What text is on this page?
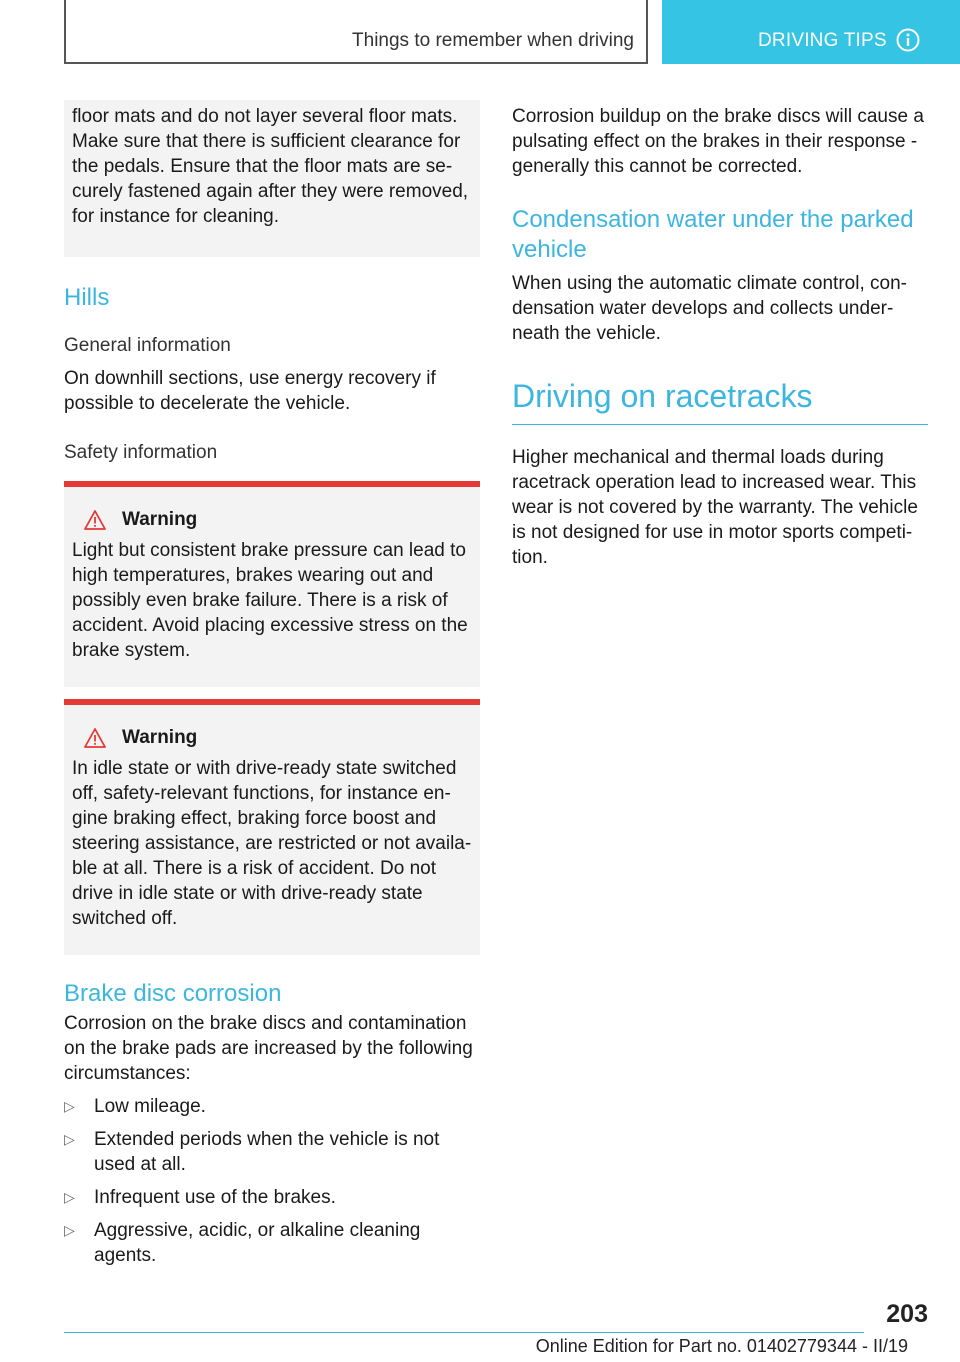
Things to remember when driving	DRIVING TIPS

floor mats and do not layer several floor mats. Make sure that there is sufficient clearance for the pedals. Ensure that the floor mats are securely fastened again after they were removed, for instance for cleaning.

Hills
General information

On downhill sections, use energy recovery if possible to decelerate the vehicle.

Safety information
Warning

Light but consistent brake pressure can lead to high temperatures, brakes wearing out and possibly even brake failure. There is a risk of accident. Avoid placing excessive stress on the brake system.

Warning

In idle state or with drive-ready state switched off, safety-relevant functions, for instance engine braking effect, braking force boost and steering assistance, are restricted or not available at all. There is a risk of accident. Do not drive in idle state or with drive-ready state switched off.

Brake disc corrosion

Corrosion on the brake discs and contamination on the brake pads are increased by the following circumstances:

▷ Low mileage.
▷ Extended periods when the vehicle is not used at all.
▷ Infrequent use of the brakes.
▷ Aggressive, acidic, or alkaline cleaning agents.

Corrosion buildup on the brake discs will cause a pulsating effect on the brakes in their response - generally this cannot be corrected.

Condensation water under the parked vehicle

When using the automatic climate control, condensation water develops and collects underneath the vehicle.

Driving on racetracks

Higher mechanical and thermal loads during racetrack operation lead to increased wear. This wear is not covered by the warranty. The vehicle is not designed for use in motor sports competition.

203
Online Edition for Part no. 01402779344 - II/19
